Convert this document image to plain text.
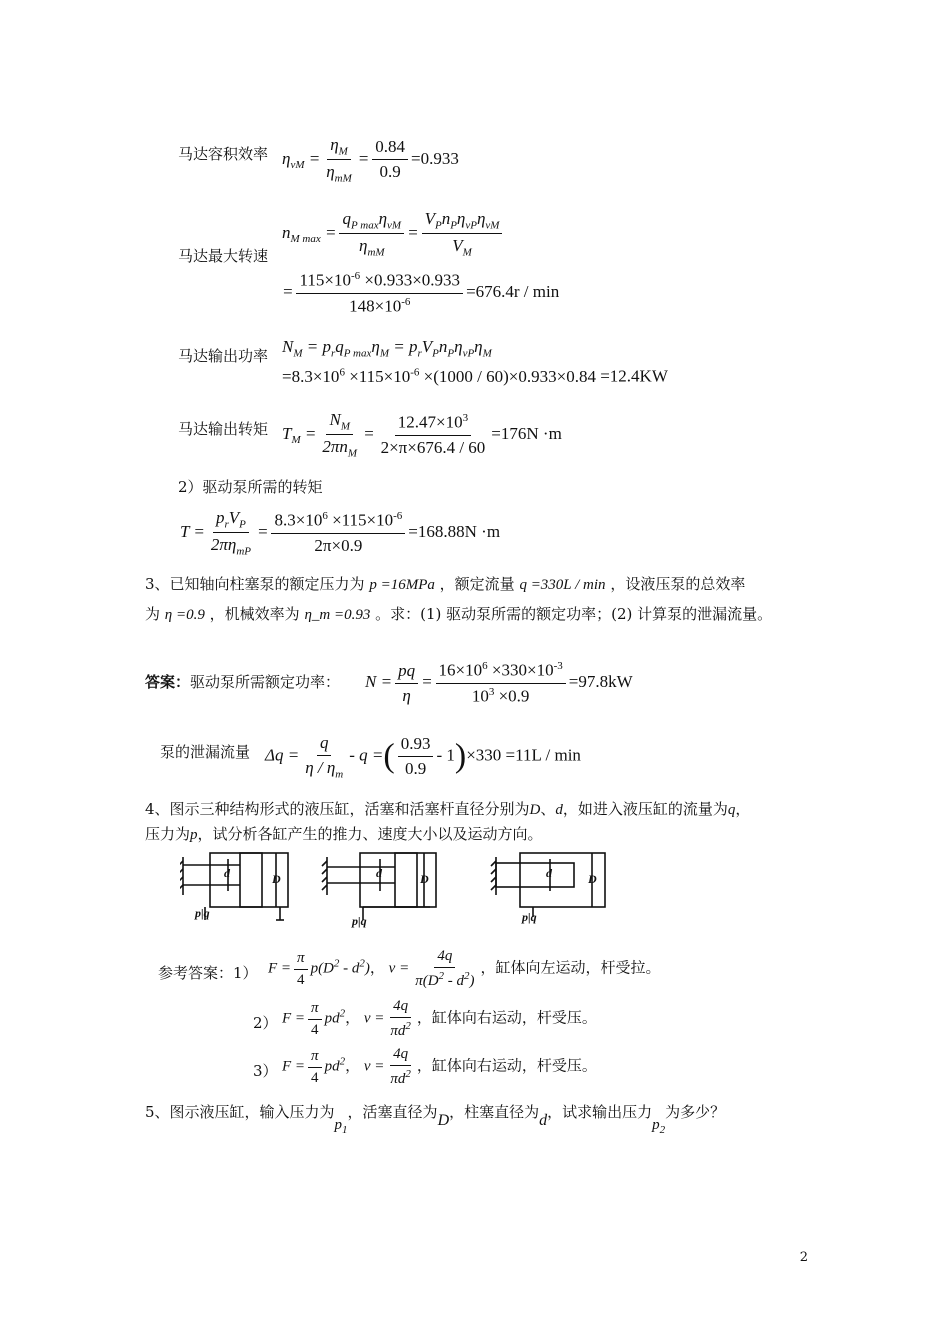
马达容积效率 $\eta_{vM} = \frac{\eta_M}{\eta_{mM}} = \frac{0.84}{0.9} =0.933$
马达最大转速
$n_{M max} = \frac{q_{P max}\eta_{vM}}{\eta_{mM}} = \frac{V_Pn_P\eta_{vP}\eta_{vM}}{V_M}$
= $\frac{115\times 10^{-6} \times 0.933\times 0.933}{148\times 10^{-6}} =676.4r / \min$
马达输出功率 $N_M = p_rq_{P max}\eta_M = p_rV_Pn_P\eta_{vP}\eta_M$
$=8.3\times 10^6 \times 115\times 10^{-6} \times(1000 / 60)\times 0.933\times 0.84 =12.4KW$
马达输出转矩 $T_M = \frac{N_M}{2\pi n_M} = \frac{12.47\times 10^3}{2\times\pi\times 676.4 / 60} =176N \cdot m$
2）驱动泵所需的转矩
$T = \frac{p_rV_P}{2\pi\eta_{mP}} = \frac{8.3\times 10^6 \times 115\times 10^{-6}}{2\pi\times 0.9} =168.88N \cdot m$
3、已知轴向柱塞泵的额定压力为 p =16MPa ，额定流量 q =330L / min ，设液压泵的总效率
为 η =0.9 ，机械效率为 η_m =0.93 。求：(1) 驱动泵所需的额定功率；(2) 计算泵的泄漏流量。
答案：驱动泵所需额定功率： $N = \frac{pq}{\eta} = \frac{16\times 10^6 \times 330\times 10^{-3}}{10^3 \times 0.9} =97.8kW$
泵的泄漏流量 $\Delta q = \frac{q}{\eta / \eta_m} - q$ =( $\frac{0.93}{0.9} - 1)\times 330 =11L / \min$
4、图示三种结构形式的液压缸，活塞和活塞杆直径分别为D、d，如进入液压缸的流量为q，
压力为p，试分析各缸产生的推力、速度大小以及运动方向。
d	D
p|q
d	D
p|q
d	D
p|q
参考答案：1） $F = \frac{\pi}{4} p(D^2 - d^2)$， $v = \frac{4q}{\pi(D^2 - d^2)}$ ，缸体向左运动，杆受拉。
2） $F = \frac{\pi}{4} pd^2$， $v = \frac{4q}{\pi d^2}$ ，缸体向右运动，杆受压。
3） $F = \frac{\pi}{4} pd^2$， $v = \frac{4q}{\pi d^2}$ ，缸体向右运动，杆受压。
5、图示液压缸，输入压力为$p_1$，活塞直径为D，柱塞直径为d，试求输出压力$p_2$为多少？
2
